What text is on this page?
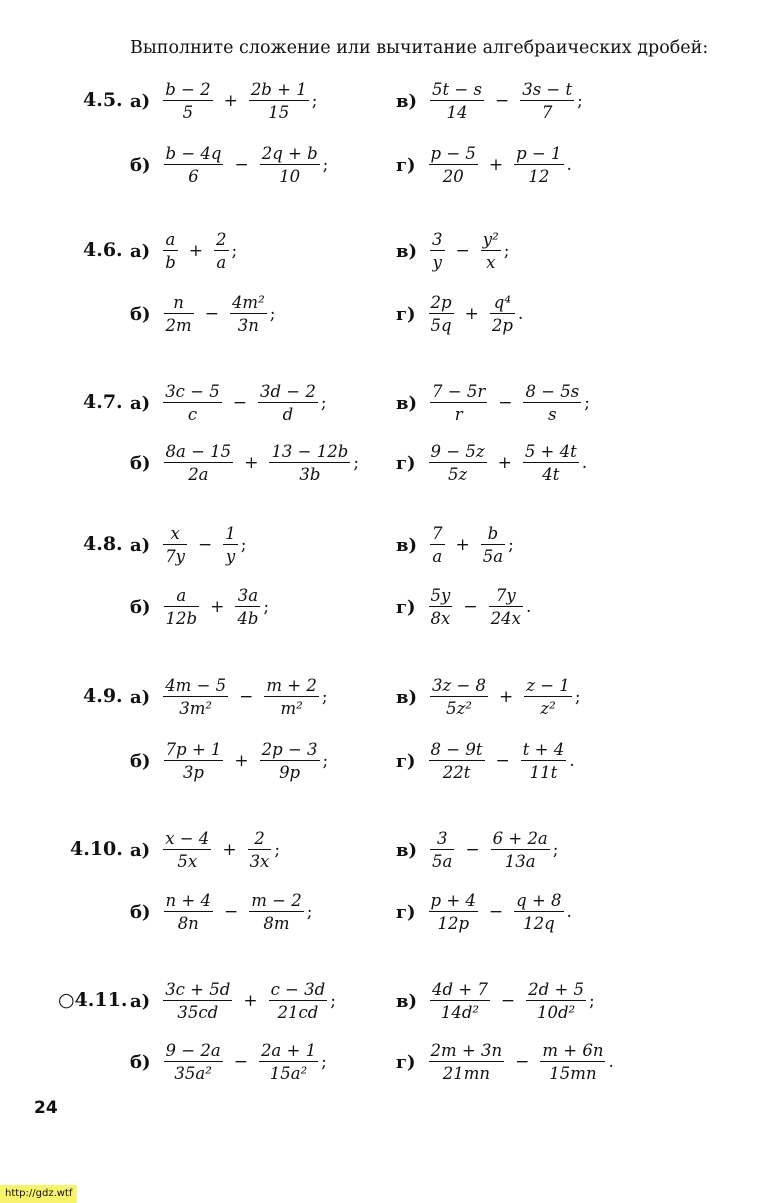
Выполните сложение или вычитание алгебраических дробей:
4.5. $а) \frac{b - 2}{5} + \frac{2b + 1}{15}$ ;
$б) \frac{b - 4q}{6} - \frac{2q + b}{10}$ ;
$в) \frac{5t - s}{14} - \frac{3s - t}{7}$ ;
$г) \frac{p - 5}{20} + \frac{p - 1}{12}$ .
4.6. $а) \frac{a}{b} + \frac{2}{a}$ ;
$б) \frac{n}{2m} - \frac{\text{4m²}}{3n}$ ;
$в) \frac{3}{y} - \frac{\text{y²}}{x}$ ;
$г) \frac{2p}{5q} + \frac{\text{q⁴}}{2p}$ .
4.7. $а) \frac{3c - 5}{c} - \frac{3d - 2}{d}$ ;
$б) \frac{8a - 15}{2a} + \frac{13 - 12b}{3b}$ ;
$в) \frac{7 - 5r}{r} - \frac{8 - 5s}{s}$ ;
$г) \frac{9 - 5z}{5z} + \frac{5 + 4t}{4t}$ .
4.8. $а) \frac{x}{7y} - \frac{1}{y}$ ;
$б) \frac{a}{12b} + \frac{3a}{4b}$ ;
$в) \frac{7}{a} + \frac{b}{5a}$ ;
$г) \frac{5y}{8x} - \frac{7y}{24x}$ .
4.9. $а) \frac{4m - 5}{\text{3m²}} - \frac{m + 2}{\text{m²}}$ ;
$б) \frac{7p + 1}{3p} + \frac{2p - 3}{9p}$ ;
$в) \frac{3z - 8}{\text{5z²}} + \frac{z - 1}{\text{z²}}$ ;
$г) \frac{8 - 9t}{22t} - \frac{t + 4}{11t}$ .
4.10. $а) \frac{x - 4}{5x} + \frac{2}{3x}$ ;
$б) \frac{n + 4}{8n} - \frac{m - 2}{8m}$ ;
$в) \frac{3}{5a} - \frac{6 + 2a}{13a}$ ;
$г) \frac{p + 4}{12p} - \frac{q + 8}{12q}$ .
○4.11. $а) \frac{3c + 5d}{35cd} + \frac{c - 3d}{21cd}$ ;
$б) \frac{9 - 2a}{\text{35a²}} - \frac{2a + 1}{\text{15a²}}$ ;
$в) \frac{4d + 7}{\text{14d²}} - \frac{2d + 5}{\text{10d²}}$ ;
$г) \frac{2m + 3n}{21mn} - \frac{m + 6n}{15mn}$ .
24
http://gdz.wtf
